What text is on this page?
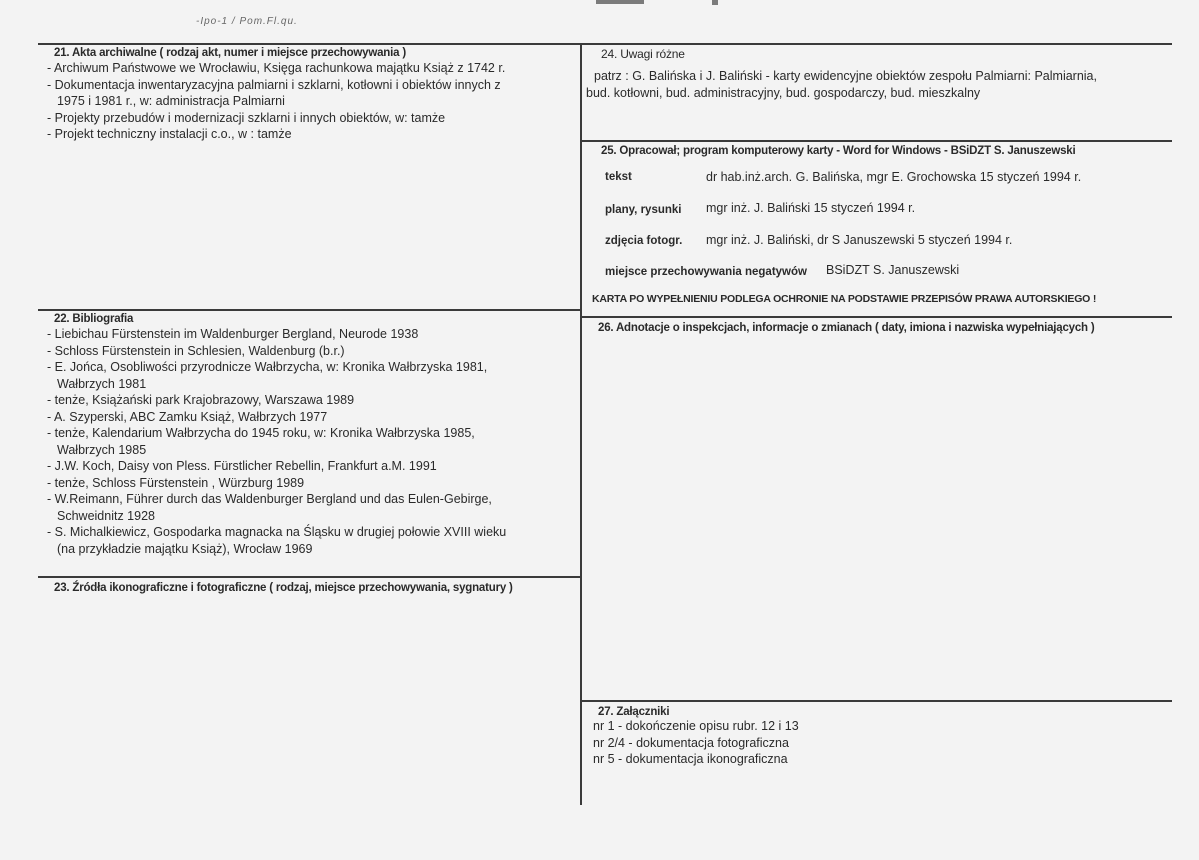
-Ipo-1 / Pom.Fl.qu.
21. Akta archiwalne ( rodzaj akt, numer i miejsce przechowywania )
- Archiwum Państwowe we Wrocławiu, Księga rachunkowa majątku Książ z 1742 r.
- Dokumentacja inwentaryzacyjna palmiarni i szklarni, kotłowni i obiektów innych z
1975 i 1981 r., w: administracja Palmiarni
- Projekty przebudów i modernizacji szklarni i innych obiektów, w: tamże
- Projekt techniczny instalacji c.o., w : tamże
22. Bibliografia
- Liebichau Fürstenstein im Waldenburger Bergland, Neurode 1938
- Schloss Fürstenstein in Schlesien, Waldenburg (b.r.)
- E. Jońca, Osobliwości przyrodnicze Wałbrzycha, w: Kronika Wałbrzyska 1981,
Wałbrzych 1981
- tenże, Książański park Krajobrazowy, Warszawa 1989
- A. Szyperski, ABC Zamku Książ, Wałbrzych 1977
- tenże, Kalendarium Wałbrzycha do 1945 roku, w: Kronika Wałbrzyska 1985,
Wałbrzych 1985
- J.W. Koch, Daisy von Pless. Fürstlicher Rebellin, Frankfurt a.M. 1991
- tenże, Schloss Fürstenstein , Würzburg 1989
- W.Reimann, Führer durch das Waldenburger Bergland und das Eulen-Gebirge,
Schweidnitz 1928
- S. Michalkiewicz, Gospodarka magnacka na Śląsku w drugiej połowie XVIII wieku
(na przykładzie majątku Książ), Wrocław 1969
23. Źródła ikonograficzne i fotograficzne ( rodzaj, miejsce przechowywania, sygnatury )
24. Uwagi różne
patrz : G. Balińska i J. Baliński - karty ewidencyjne obiektów zespołu Palmiarni: Palmiarnia,
bud. kotłowni, bud. administracyjny, bud. gospodarczy, bud. mieszkalny
25. Opracował; program komputerowy karty - Word for Windows - BSiDZT S. Januszewski
tekst	dr hab.inż.arch. G. Balińska, mgr E. Grochowska 15 styczeń 1994 r.
plany, rysunki mgr inż. J. Baliński 15 styczeń 1994 r.
zdjęcia fotogr. mgr inż. J. Baliński, dr S Januszewski 5 styczeń 1994 r.
miejsce przechowywania negatywów BSiDZT S. Januszewski
KARTA PO WYPEŁNIENIU PODLEGA OCHRONIE NA PODSTAWIE PRZEPISÓW PRAWA AUTORSKIEGO !
26. Adnotacje o inspekcjach, informacje o zmianach ( daty, imiona i nazwiska wypełniających )
27. Załączniki
nr 1 - dokończenie opisu rubr. 12 i 13
nr 2/4 - dokumentacja fotograficzna
nr 5 - dokumentacja ikonograficzna
